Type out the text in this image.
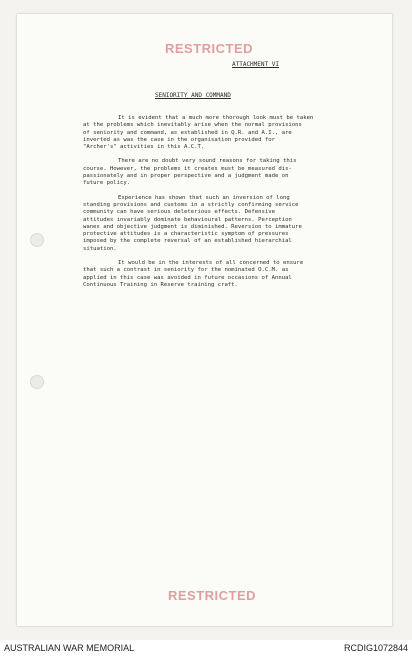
RESTRICTED
ATTACHMENT VI
SENIORITY AND COMMAND

It is evident that a much more thorough look must be taken
at the problems which inevitably arise when the normal provisions
of seniority and command, as established in Q.R. and A.I., are
inverted as was the case in the organisation provided for
"Archer's" activities in this A.C.T.

There are no doubt very sound reasons for taking this
course. However, the problems it creates must be measured dis-
passionately and in proper perspective and a judgment made on
future policy.

Experience has shown that such an inversion of long
standing provisions and customs in a strictly confirming service
community can have serious deleterious effects. Defensive
attitudes invariably dominate behavioural patterns. Perception
wanes and objective judgment is diminished. Reversion to immature
protective attitudes is a characteristic symptom of pressures
imposed by the complete reversal of an established hierarchial
situation.

It would be in the interests of all concerned to ensure
that such a contrast in seniority for the nominated O.C.M. as
applied in this case was avoided in future occasions of Annual
Continuous Training in Reserve training craft.

RESTRICTED
AUSTRALIAN WAR MEMORIAL	RCDIG1072844
